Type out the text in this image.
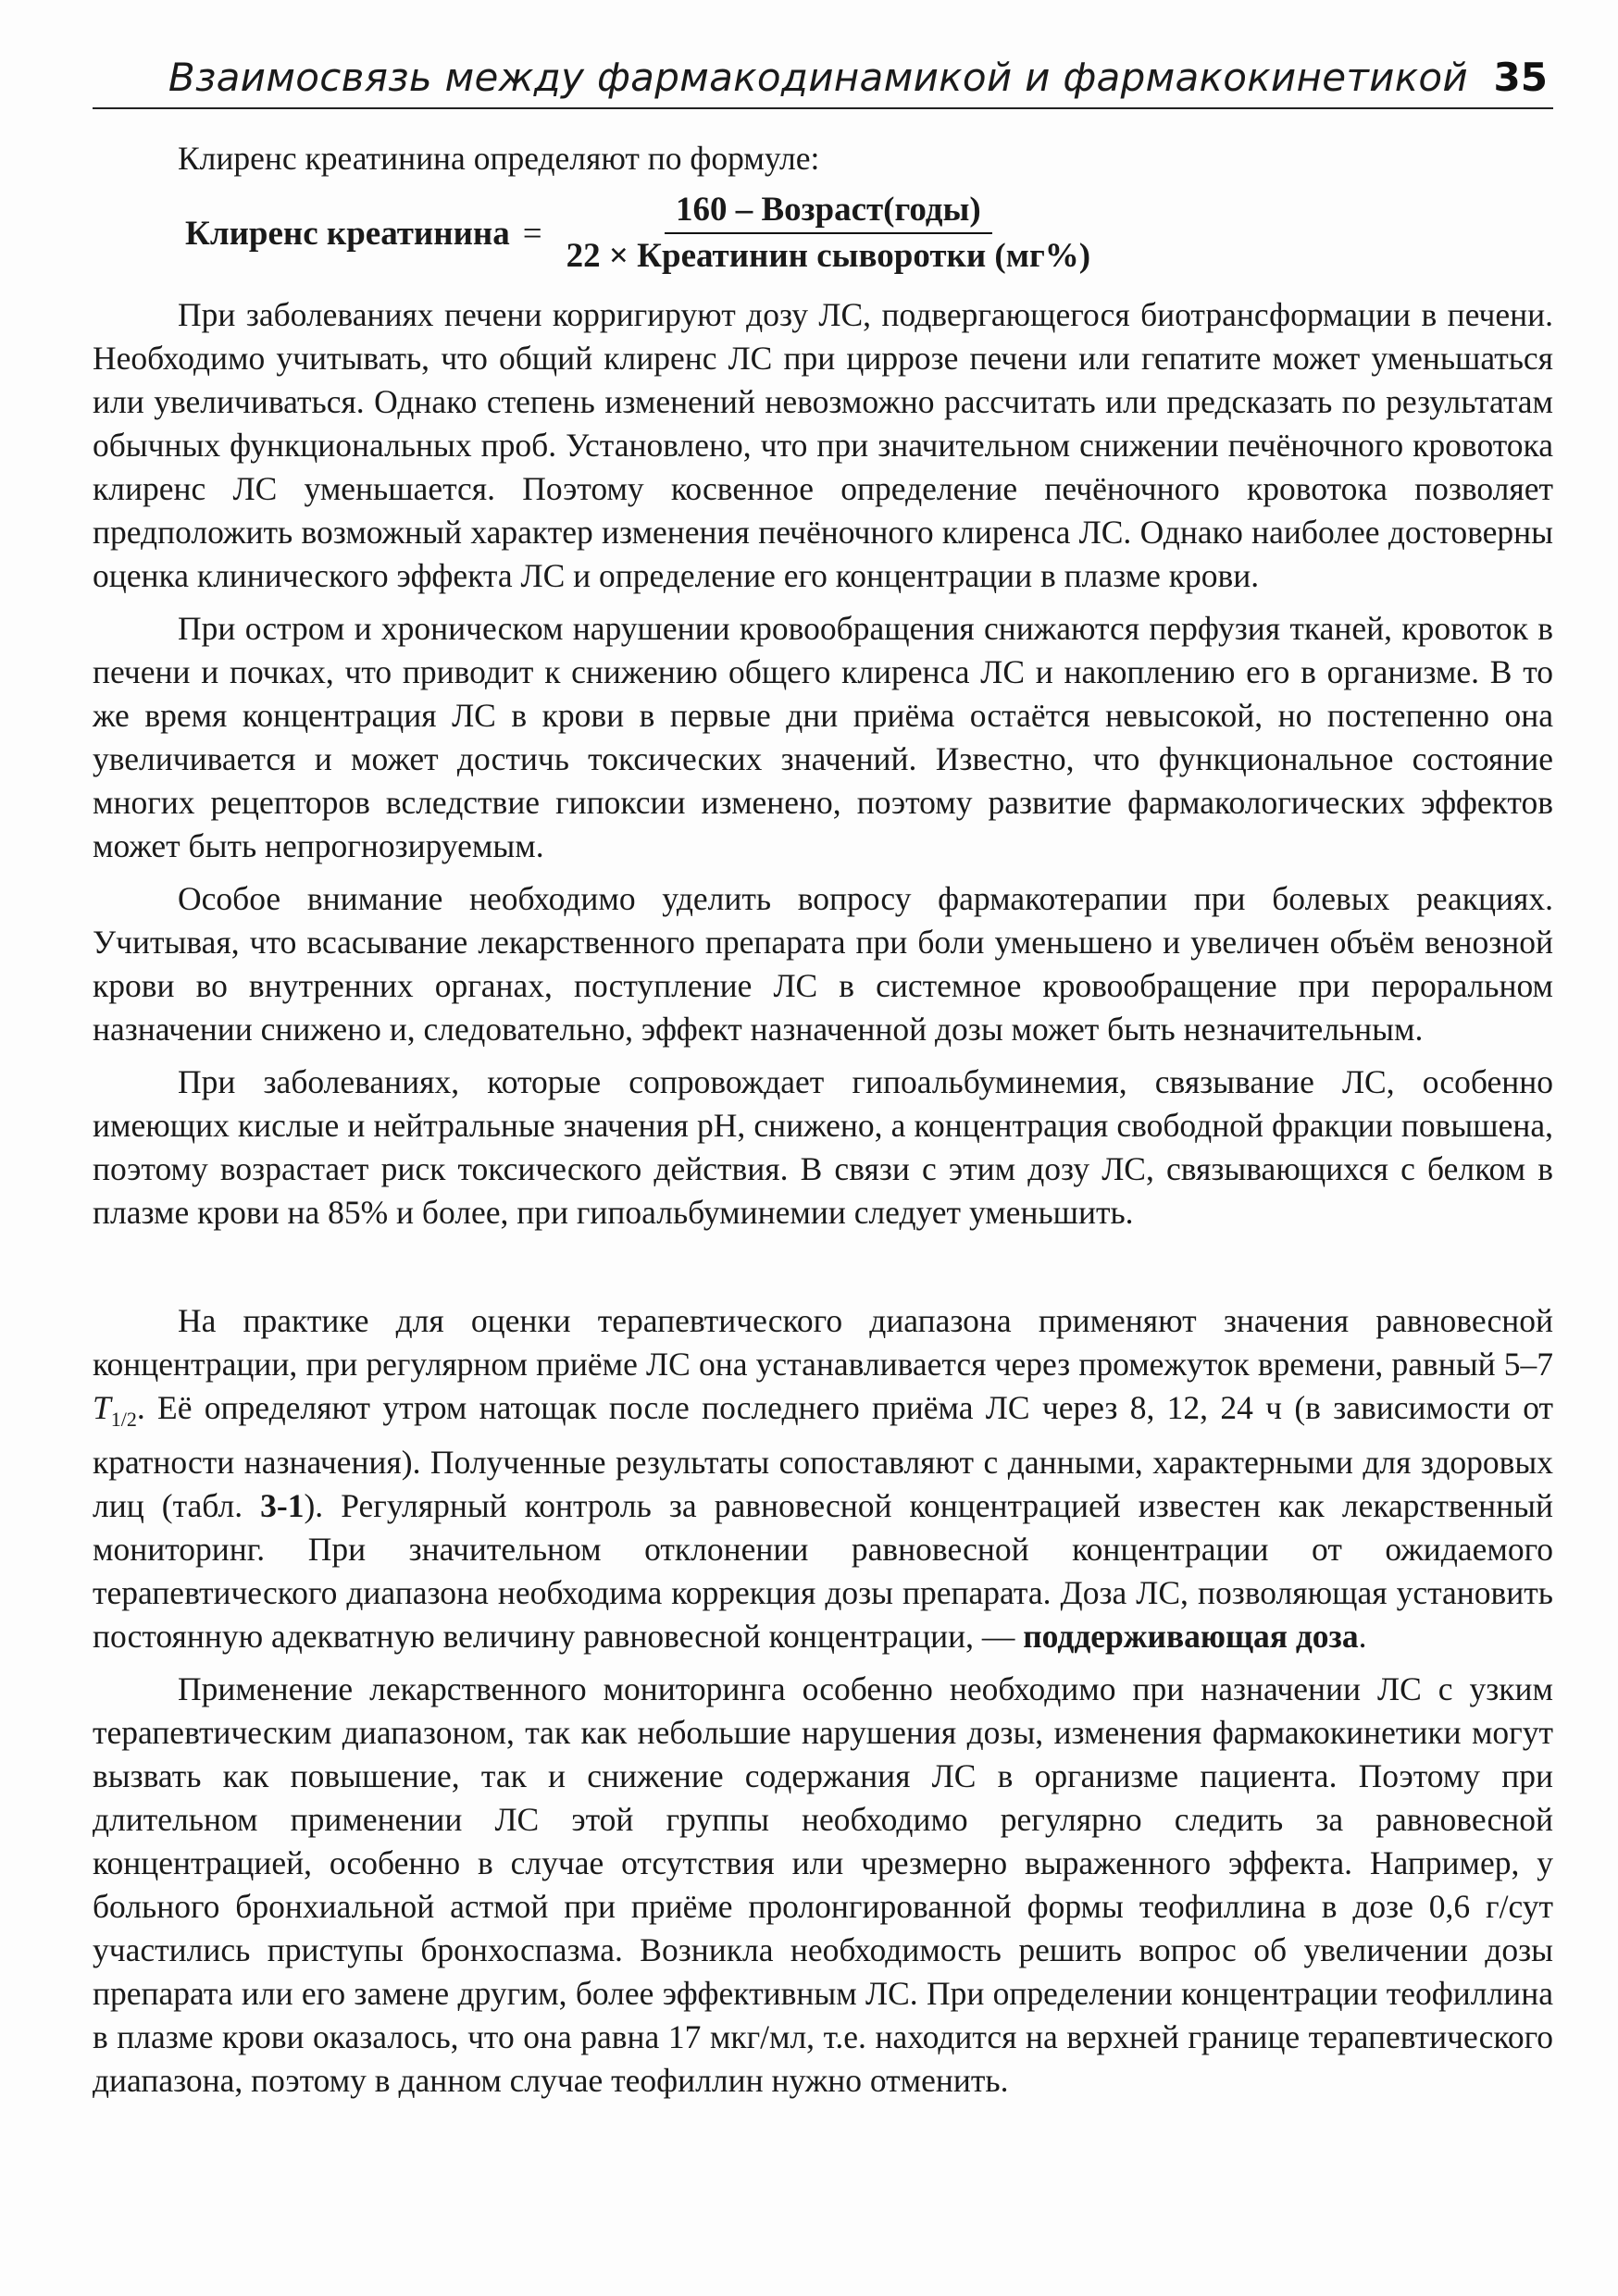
Взаимосвязь между фармакодинамикой и фармакокинетикой 35

Клиренс креатинина определяют по формуле:

Клиренс креатинина = $\frac{\text{160 – Возраст(годы)}}{\text{22 × Креатинин сыворотки (мг\%)}}$

При заболеваниях печени корригируют дозу ЛС, подвергающегося биотрансформации в печени. Необходимо учитывать, что общий клиренс ЛС при циррозе печени или гепатите может уменьшаться или увеличиваться. Однако степень изменений невозможно рассчитать или предсказать по результатам обычных функциональных проб. Установлено, что при значительном снижении печёночного кровотока клиренс ЛС уменьшается. Поэтому косвенное определение печёночного кровотока позволяет предположить возможный характер изменения печёночного клиренса ЛС. Однако наиболее достоверны оценка клинического эффекта ЛС и определение его концентрации в плазме крови.

При остром и хроническом нарушении кровообращения снижаются перфузия тканей, кровоток в печени и почках, что приводит к снижению общего клиренса ЛС и накоплению его в организме. В то же время концентрация ЛС в крови в первые дни приёма остаётся невысокой, но постепенно она увеличивается и может достичь токсических значений. Известно, что функциональное состояние многих рецепторов вследствие гипоксии изменено, поэтому развитие фармакологических эффектов может быть непрогнозируемым.

Особое внимание необходимо уделить вопросу фармакотерапии при болевых реакциях. Учитывая, что всасывание лекарственного препарата при боли уменьшено и увеличен объём венозной крови во внутренних органах, поступление ЛС в системное кровообращение при пероральном назначении снижено и, следовательно, эффект назначенной дозы может быть незначительным.

При заболеваниях, которые сопровождает гипоальбуминемия, связывание ЛС, особенно имеющих кислые и нейтральные значения pH, снижено, а концентрация свободной фракции повышена, поэтому возрастает риск токсического действия. В связи с этим дозу ЛС, связывающихся с белком в плазме крови на 85% и более, при гипоальбуминемии следует уменьшить.

На практике для оценки терапевтического диапазона применяют значения равновесной концентрации, при регулярном приёме ЛС она устанавливается через промежуток времени, равный 5–7 $T_{1/2}$. Её определяют утром натощак после последнего приёма ЛС через 8, 12, 24 ч (в зависимости от кратности назначения). Полученные результаты сопоставляют с данными, характерными для здоровых лиц (табл. 3-1). Регулярный контроль за равновесной концентрацией известен как лекарственный мониторинг. При значительном отклонении равновесной концентрации от ожидаемого терапевтического диапазона необходима коррекция дозы препарата. Доза ЛС, позволяющая установить постоянную адекватную величину равновесной концентрации, — поддерживающая доза.

Применение лекарственного мониторинга особенно необходимо при назначении ЛС с узким терапевтическим диапазоном, так как небольшие нарушения дозы, изменения фармакокинетики могут вызвать как повышение, так и снижение содержания ЛС в организме пациента. Поэтому при длительном применении ЛС этой группы необходимо регулярно следить за равновесной концентрацией, особенно в случае отсутствия или чрезмерно выраженного эффекта. Например, у больного бронхиальной астмой при приёме пролонгированной формы теофиллина в дозе 0,6 г/сут участились приступы бронхоспазма. Возникла необходимость решить вопрос об увеличении дозы препарата или его замене другим, более эффективным ЛС. При определении концентрации теофиллина в плазме крови оказалось, что она равна 17 мкг/мл, т.е. находится на верхней границе терапевтического диапазона, поэтому в данном случае теофиллин нужно отменить.
